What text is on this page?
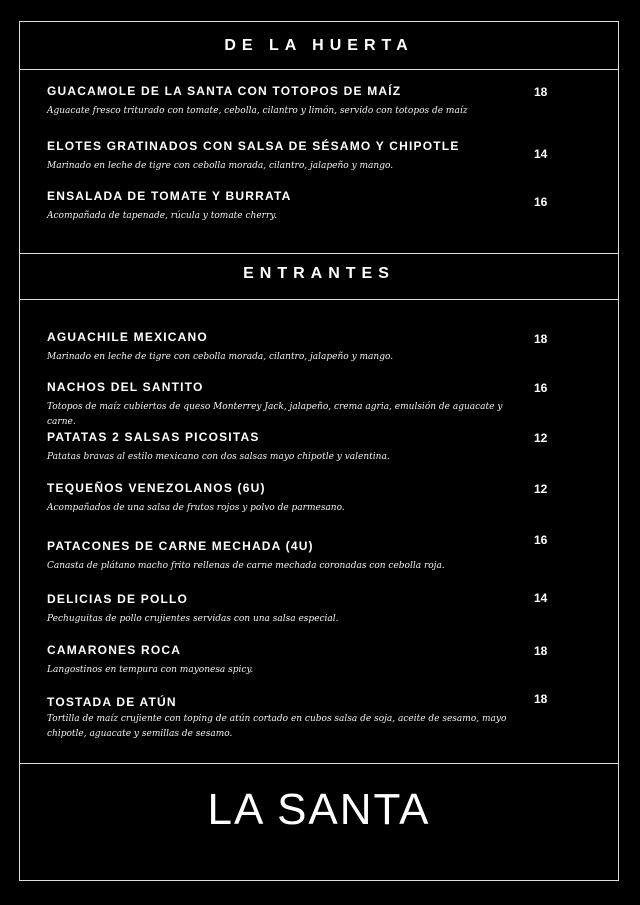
DE LA HUERTA
GUACAMOLE DE LA SANTA CON TOTOPOS DE MAÍZ
Aguacate fresco triturado con tomate, cebolla, cilantro y limón, servido con totopos de maíz
18
ELOTES GRATINADOS CON SALSA DE SÉSAMO Y CHIPOTLE
Marinado en leche de tigre con cebolla morada, cilantro, jalapeño y mango.
14
ENSALADA DE TOMATE Y BURRATA
Acompañada de tapenade, rúcula y tomate cherry.
16
ENTRANTES
AGUACHILE MEXICANO
Marinado en leche de tigre con cebolla morada, cilantro, jalapeño y mango.
18
NACHOS DEL SANTITO
Totopos de maíz cubiertos de queso Monterrey Jack, jalapeño, crema agria, emulsión de aguacate y carne.
16
PATATAS 2 SALSAS PICOSITAS
Patatas bravas al estilo mexicano con dos salsas mayo chipotle y valentina.
12
TEQUEÑOS VENEZOLANOS (6U)
Acompañados de una salsa de frutos rojos y polvo de parmesano.
12
PATACONES DE CARNE MECHADA (4U)
Canasta de plátano macho frito rellenas de carne mechada coronadas con cebolla roja.
16
DELICIAS DE POLLO
Pechuguitas de pollo crujientes servidas con una salsa especial.
14
CAMARONES ROCA
Langostinos en tempura con mayonesa spicy.
18
TOSTADA DE ATÚN
Tortilla de maíz crujiente con toping de atún cortado en cubos salsa de soja, aceite de sesamo, mayo chipotle, aguacate y semillas de sesamo.
18
LA SANTA
